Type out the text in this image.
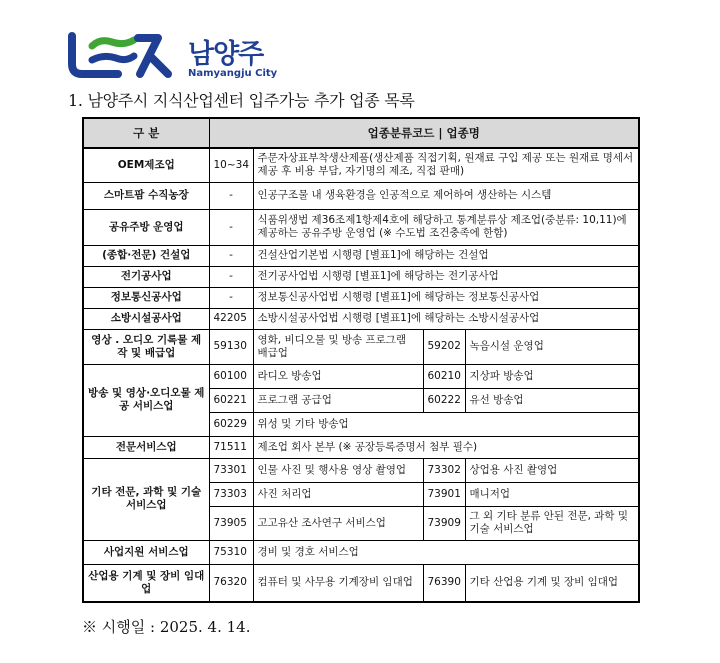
남양주
Namyangju City
1. 남양주시 지식산업센터 입주가능 추가 업종 목록
구 분	업종분류코드 | 업종명			
OEM제조업	10~34	주문자상표부착생산제품(생산제품 직접기획, 원재료 구입 제공 또는 원재료 명세서 제공 후 비용 부담, 자기명의 제조, 직접 판매)		
스마트팜 수직농장	-	인공구조물 내 생육환경을 인공적으로 제어하여 생산하는 시스템		
공유주방 운영업	-	식품위생법 제36조제1항제4호에 해당하고 통계분류상 제조업(중분류: 10,11)에 제공하는 공유주방 운영업 (※ 수도법 조건충족에 한함)		
(종합·전문) 건설업	-	건설산업기본법 시행령 [별표1]에 해당하는 건설업		
전기공사업	-	전기공사업법 시행령 [별표1]에 해당하는 전기공사업		
정보통신공사업	-	정보통신공사업법 시행령 [별표1]에 해당하는 정보통신공사업		
소방시설공사업	42205	소방시설공사업법 시행령 [별표1]에 해당하는 소방시설공사업		
영상 . 오디오 기록물 제작 및 배급업	59130	영화, 비디오물 및 방송 프로그램 배급업	59202	녹음시설 운영업
방송 및 영상·오디오물 제공 서비스업	60100	라디오 방송업	60210	지상파 방송업
	60221	프로그램 공급업	60222	유선 방송업
	60229	위성 및 기타 방송업		
전문서비스업	71511	제조업 회사 본부 (※ 공장등록증명서 첨부 필수)		
기타 전문, 과학 및 기술 서비스업	73301	인물 사진 및 행사용 영상 촬영업	73302	상업용 사진 촬영업
	73303	사진 처리업	73901	매니저업
	73905	고고유산 조사연구 서비스업	73909	그 외 기타 분류 안된 전문, 과학 및 기술 서비스업
사업지원 서비스업	75310	경비 및 경호 서비스업		
산업용 기계 및 장비 임대업	76320	컴퓨터 및 사무용 기계장비 임대업	76390	기타 산업용 기계 및 장비 임대업
※ 시행일 : 2025. 4. 14.
